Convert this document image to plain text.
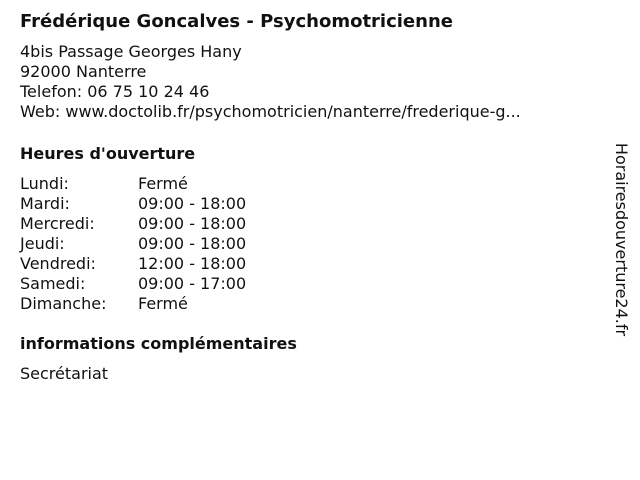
Frédérique Goncalves - Psychomotricienne
4bis Passage Georges Hany
92000 Nanterre
Telefon: 06 75 10 24 46
Web: www.doctolib.fr/psychomotricien/nanterre/frederique-g...
Heures d'ouverture
Lundi:	Fermé
Mardi:	09:00 - 18:00
Mercredi:	09:00 - 18:00
Jeudi:	09:00 - 18:00
Vendredi:	12:00 - 18:00
Samedi:	09:00 - 17:00
Dimanche:	Fermé
informations complémentaires
Secrétariat
Horairesdouverture24.fr
